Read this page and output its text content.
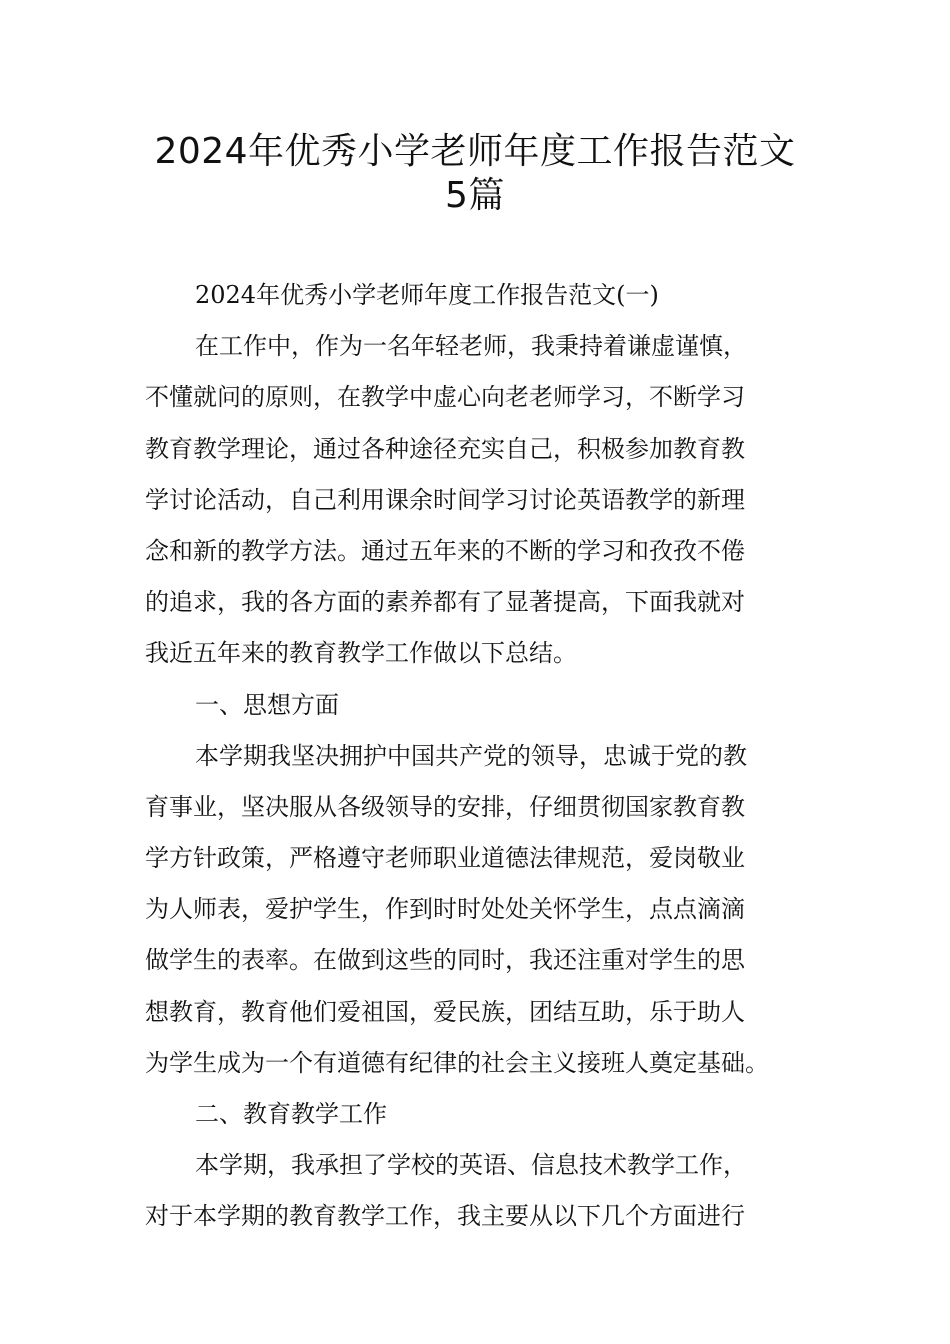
2024年优秀小学老师年度工作报告范文
5篇
2024年优秀小学老师年度工作报告范文(一)
在工作中，作为一名年轻老师，我秉持着谦虚谨慎，
不懂就问的原则，在教学中虚心向老老师学习，不断学习
教育教学理论，通过各种途径充实自己，积极参加教育教
学讨论活动，自己利用课余时间学习讨论英语教学的新理
念和新的教学方法。通过五年来的不断的学习和孜孜不倦
的追求，我的各方面的素养都有了显著提高，下面我就对
我近五年来的教育教学工作做以下总结。
一、思想方面
本学期我坚决拥护中国共产党的领导，忠诚于党的教
育事业，坚决服从各级领导的安排，仔细贯彻国家教育教
学方针政策，严格遵守老师职业道德法律规范，爱岗敬业
为人师表，爱护学生，作到时时处处关怀学生，点点滴滴
做学生的表率。在做到这些的同时，我还注重对学生的思
想教育，教育他们爱祖国，爱民族，团结互助，乐于助人
为学生成为一个有道德有纪律的社会主义接班人奠定基础。
二、教育教学工作
本学期，我承担了学校的英语、信息技术教学工作，
对于本学期的教育教学工作，我主要从以下几个方面进行
